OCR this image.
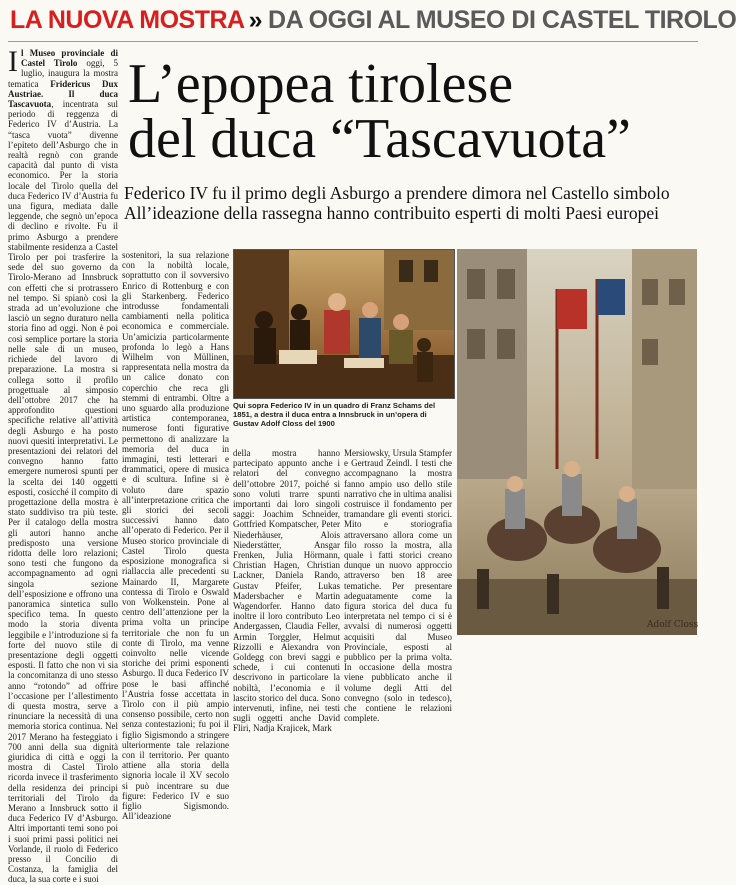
LA NUOVA MOSTRA » DA OGGI AL MUSEO DI CASTEL TIROLO
Il Museo provinciale di Castel Tirolo oggi, 5 luglio, inaugura la mostra tematica Fridericus Dux Austriae. Il duca Tascavuota, incentrata sul periodo di reggenza di Federico IV d’Austria. La “tasca vuota” divenne l’epiteto dell’Asburgo che in realtà regnò con grande capacità dal punto di vista economico. Per la storia locale del Tirolo quella del duca Federico IV d’Austria fu una figura, mediata dalle leggende, che segnò un’epoca di declino e rivolte. Fu il primo Asburgo a prendere stabilmente residenza a Castel Tirolo per poi trasferire la sede del suo governo da Tirolo-Merano ad Innsbruck con effetti che si protrassero nel tempo. Si spianò così la strada ad un’evoluzione che lasciò un segno duraturo nella storia fino ad oggi. Non è poi così semplice portare la storia nelle sale di un museo, richiede del lavoro di preparazione. La mostra si collega sotto il profilo progettuale al simposio dell’ottobre 2017 che ha approfondito questioni specifiche relative all’attività degli Asburgo e ha posto nuovi quesiti interpretativi. Le presentazioni dei relatori del convegno hanno fatto emergere numerosi spunti per la scelta dei 140 oggetti esposti, cosicché il compito di progettazione della mostra è stato suddiviso tra più teste. Per il catalogo della mostra gli autori hanno anche predisposto una versione ridotta delle loro relazioni; sono testi che fungono da accompagnamento ad ogni singola sezione dell’esposizione e offrono una panoramica sintetica sullo specifico tema. In questo modo la storia diventa leggibile e l’introduzione si fa forte del nuovo stile di presentazione degli oggetti esposti. Il fatto che non vi sia la concomitanza di uno stesso anno “rotondo” ad offrire l’occasione per l’allestimento di questa mostra, serve a rinunciare la necessità di una memoria storica continua. Nel 2017 Merano ha festeggiato i 700 anni della sua dignità giuridica di città e oggi la mostra di Castel Tirolo ricorda invece il trasferimento della residenza dei principi territoriali del Tirolo da Merano a Innsbruck sotto il duca Federico IV d’Asburgo. Altri importanti temi sono poi i suoi primi passi politici nei Vorlande, il ruolo di Federico presso il Concilio di Costanza, la famiglia del duca, la sua corte e i suoi
L’epopea tirolese
del duca “Tascavuota”
Federico IV fu il primo degli Asburgo a prendere dimora nel Castello simbolo
All’ideazione della rassegna hanno contribuito esperti di molti Paesi europei
sostenitori, la sua relazione con la nobiltà locale, soprattutto con il sovversivo Enrico di Rottenburg e con gli Starkenberg. Federico introdusse fondamentali cambiamenti nella politica economica e commerciale. Un’amicizia particolarmente profonda lo legò a Hans Wilhelm von Müllinen, rappresentata nella mostra da un calice donato con coperchio che reca gli stemmi di entrambi. Oltre a uno sguardo alla produzione artistica contemporanea, numerose fonti figurative permettono di analizzare la memoria del duca in immagini, testi letterari e drammatici, opere di musica e di scultura. Infine si è voluto dare spazio all’interpretazione critica che gli storici dei secoli successivi hanno dato all’operato di Federico. Per il Museo storico provinciale di Castel Tirolo questa esposizione monografica si riallaccia alle precedenti su Mainardo II, Margarete contessa di Tirolo e Oswald von Wolkenstein. Pone al centro dell’attenzione per la prima volta un principe territoriale che non fu un conte di Tirolo, ma venne coinvolto nelle vicende storiche dei primi esponenti Asburgo. Il duca Federico IV pose le basi affinché l’Austria fosse accettata in Tirolo con il più ampio consenso possibile, certo non senza contestazioni; fu poi il figlio Sigismondo a stringere ulteriormente tale relazione con il territorio. Per quanto attiene alla storia della signoria locale il XV secolo si può incentrare su due figure: Federico IV e suo figlio Sigismondo. All’ideazione
Qui sopra Federico IV in un quadro di Franz Schams del 1851, a destra il duca entra a Innsbruck in un’opera di Gustav Adolf Closs del 1900
Adolf Closs
della mostra hanno partecipato appunto anche i relatori del convegno dell’ottobre 2017, poiché si sono voluti trarre spunti importanti dai loro singoli saggi: Joachim Schneider, Gottfried Kompatscher, Peter Niederhäuser, Alois Niederstätter, Ansgar Frenken, Julia Hörmann, Christian Hagen, Christian Lackner, Daniela Rando, Gustav Pfeifer, Lukas Madersbacher e Martin Wagendorfer. Hanno dato inoltre il loro contributo Leo Andergassen, Claudia Feller, Armin Torggler, Helmut Rizzolli e Alexandra von Goldegg con brevi saggi e schede, i cui contenuti descrivono in particolare la nobiltà, l’economia e il lascito storico del duca. Sono intervenuti, infine, nei testi sugli oggetti anche David Fliri, Nadja Krajicek, Mark
Mersiowsky, Ursula Stampfer e Gertraud Zeindl. I testi che accompagnano la mostra fanno ampio uso dello stile narrativo che in ultima analisi costruisce il fondamento per tramandare gli eventi storici. Mito e storiografia attraversano allora come un filo rosso la mostra, alla quale i fatti storici creano dunque un nuovo approccio attraverso ben 18 aree tematiche. Per presentare adeguatamente come la figura storica del duca fu interpretata nel tempo ci si è avvalsi di numerosi oggetti acquisiti dal Museo Provinciale, esposti al pubblico per la prima volta. In occasione della mostra viene pubblicato anche il volume degli Atti del convegno (solo in tedesco), che contiene le relazioni complete.
